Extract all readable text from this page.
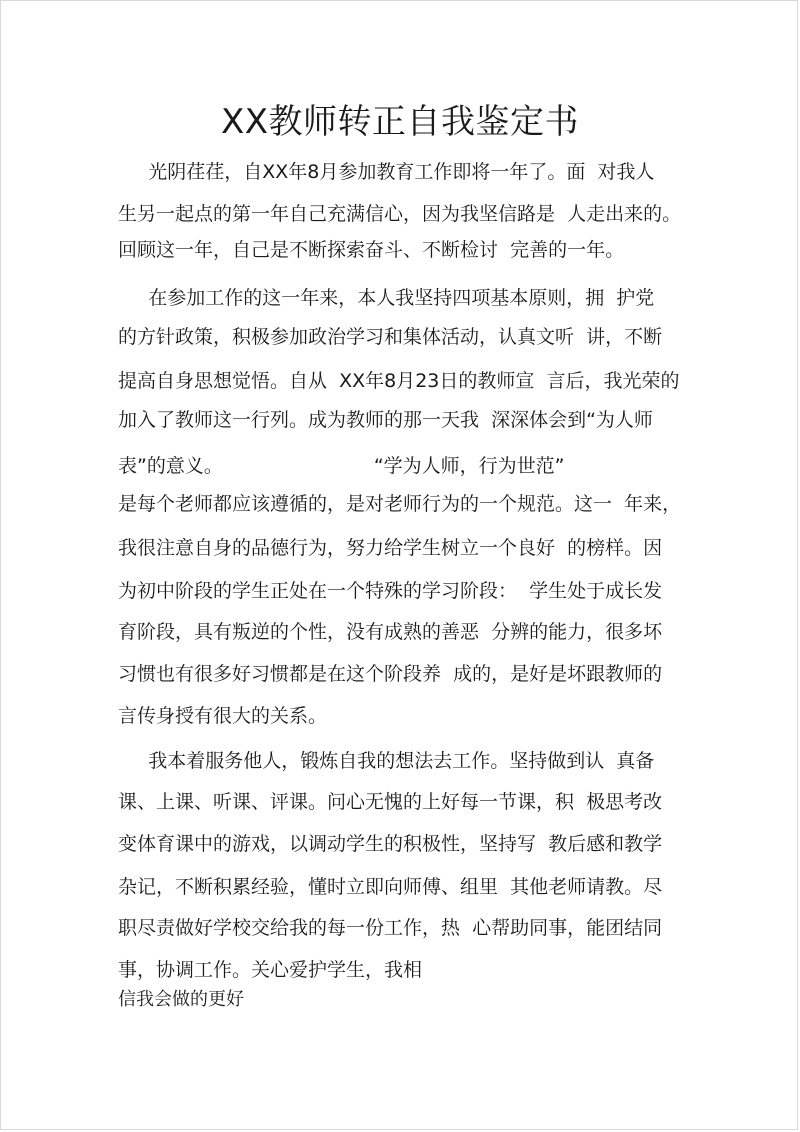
XX教师转正自我鉴定书
光阴荏荏，自XX年8月参加教育工作即将一年了。面  对我人
生另一起点的第一年自己充满信心，因为我坚信路是  人走出来的。
回顾这一年，自己是不断探索奋斗、不断检讨  完善的一年。
在参加工作的这一年来，本人我坚持四项基本原则，拥  护党
的方针政策，积极参加政治学习和集体活动，认真文听  讲，不断
提高自身思想觉悟。自从  XX年8月23日的教师宣  言后，我光荣的
加入了教师这一行列。成为教师的那一天我  深深体会到“为人师
表”的意义。                         “学为人师，行为世范”
是每个老师都应该遵循的，是对老师行为的一个规范。这一  年来，
我很注意自身的品德行为，努力给学生树立一个良好  的榜样。因
为初中阶段的学生正处在一个特殊的学习阶段：  学生处于成长发
育阶段，具有叛逆的个性，没有成熟的善恶  分辨的能力，很多坏
习惯也有很多好习惯都是在这个阶段养  成的，是好是坏跟教师的
言传身授有很大的关系。
我本着服务他人，锻炼自我的想法去工作。坚持做到认  真备
课、上课、听课、评课。问心无愧的上好每一节课，积  极思考改
变体育课中的游戏，以调动学生的积极性，坚持写  教后感和教学
杂记，不断积累经验，懂时立即向师傅、组里  其他老师请教。尽
职尽责做好学校交给我的每一份工作，热  心帮助同事，能团结同
事，协调工作。关心爱护学生，我相
信我会做的更好
